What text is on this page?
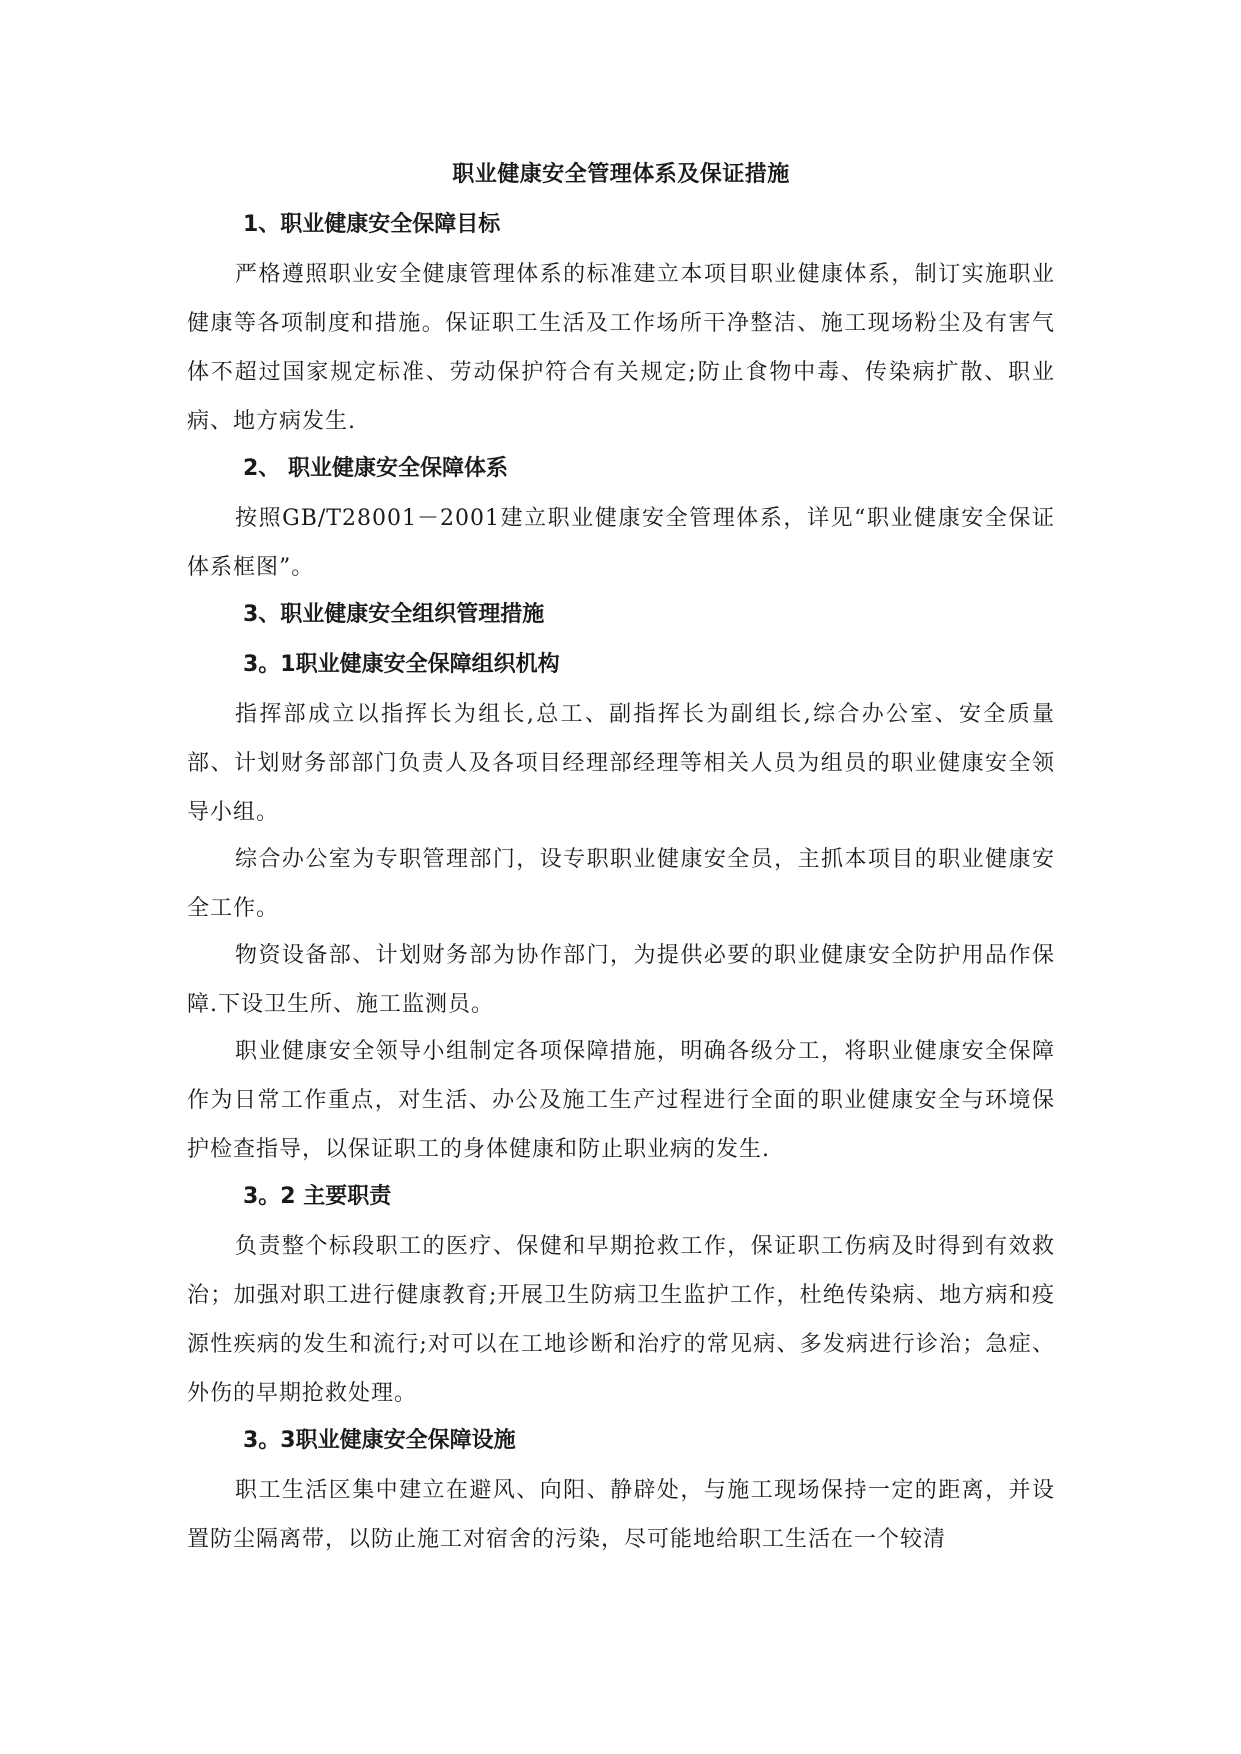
职业健康安全管理体系及保证措施
1、职业健康安全保障目标

严格遵照职业安全健康管理体系的标准建立本项目职业健康体系，制订实施职业健康等各项制度和措施。保证职工生活及工作场所干净整洁、施工现场粉尘及有害气体不超过国家规定标准、劳动保护符合有关规定;防止食物中毒、传染病扩散、职业病、地方病发生.

2、 职业健康安全保障体系

按照GB/T28001－2001建立职业健康安全管理体系，详见“职业健康安全保证体系框图”。

3、职业健康安全组织管理措施
3。1职业健康安全保障组织机构

指挥部成立以指挥长为组长,总工、副指挥长为副组长,综合办公室、安全质量部、计划财务部部门负责人及各项目经理部经理等相关人员为组员的职业健康安全领导小组。

综合办公室为专职管理部门，设专职职业健康安全员，主抓本项目的职业健康安全工作。

物资设备部、计划财务部为协作部门，为提供必要的职业健康安全防护用品作保障.下设卫生所、施工监测员。

职业健康安全领导小组制定各项保障措施，明确各级分工，将职业健康安全保障作为日常工作重点，对生活、办公及施工生产过程进行全面的职业健康安全与环境保护检查指导，以保证职工的身体健康和防止职业病的发生.

3。2 主要职责

负责整个标段职工的医疗、保健和早期抢救工作，保证职工伤病及时得到有效救治；加强对职工进行健康教育;开展卫生防病卫生监护工作，杜绝传染病、地方病和疫源性疾病的发生和流行;对可以在工地诊断和治疗的常见病、多发病进行诊治；急症、外伤的早期抢救处理。

3。3职业健康安全保障设施

职工生活区集中建立在避风、向阳、静辟处，与施工现场保持一定的距离，并设置防尘隔离带，以防止施工对宿舍的污染，尽可能地给职工生活在一个较清
